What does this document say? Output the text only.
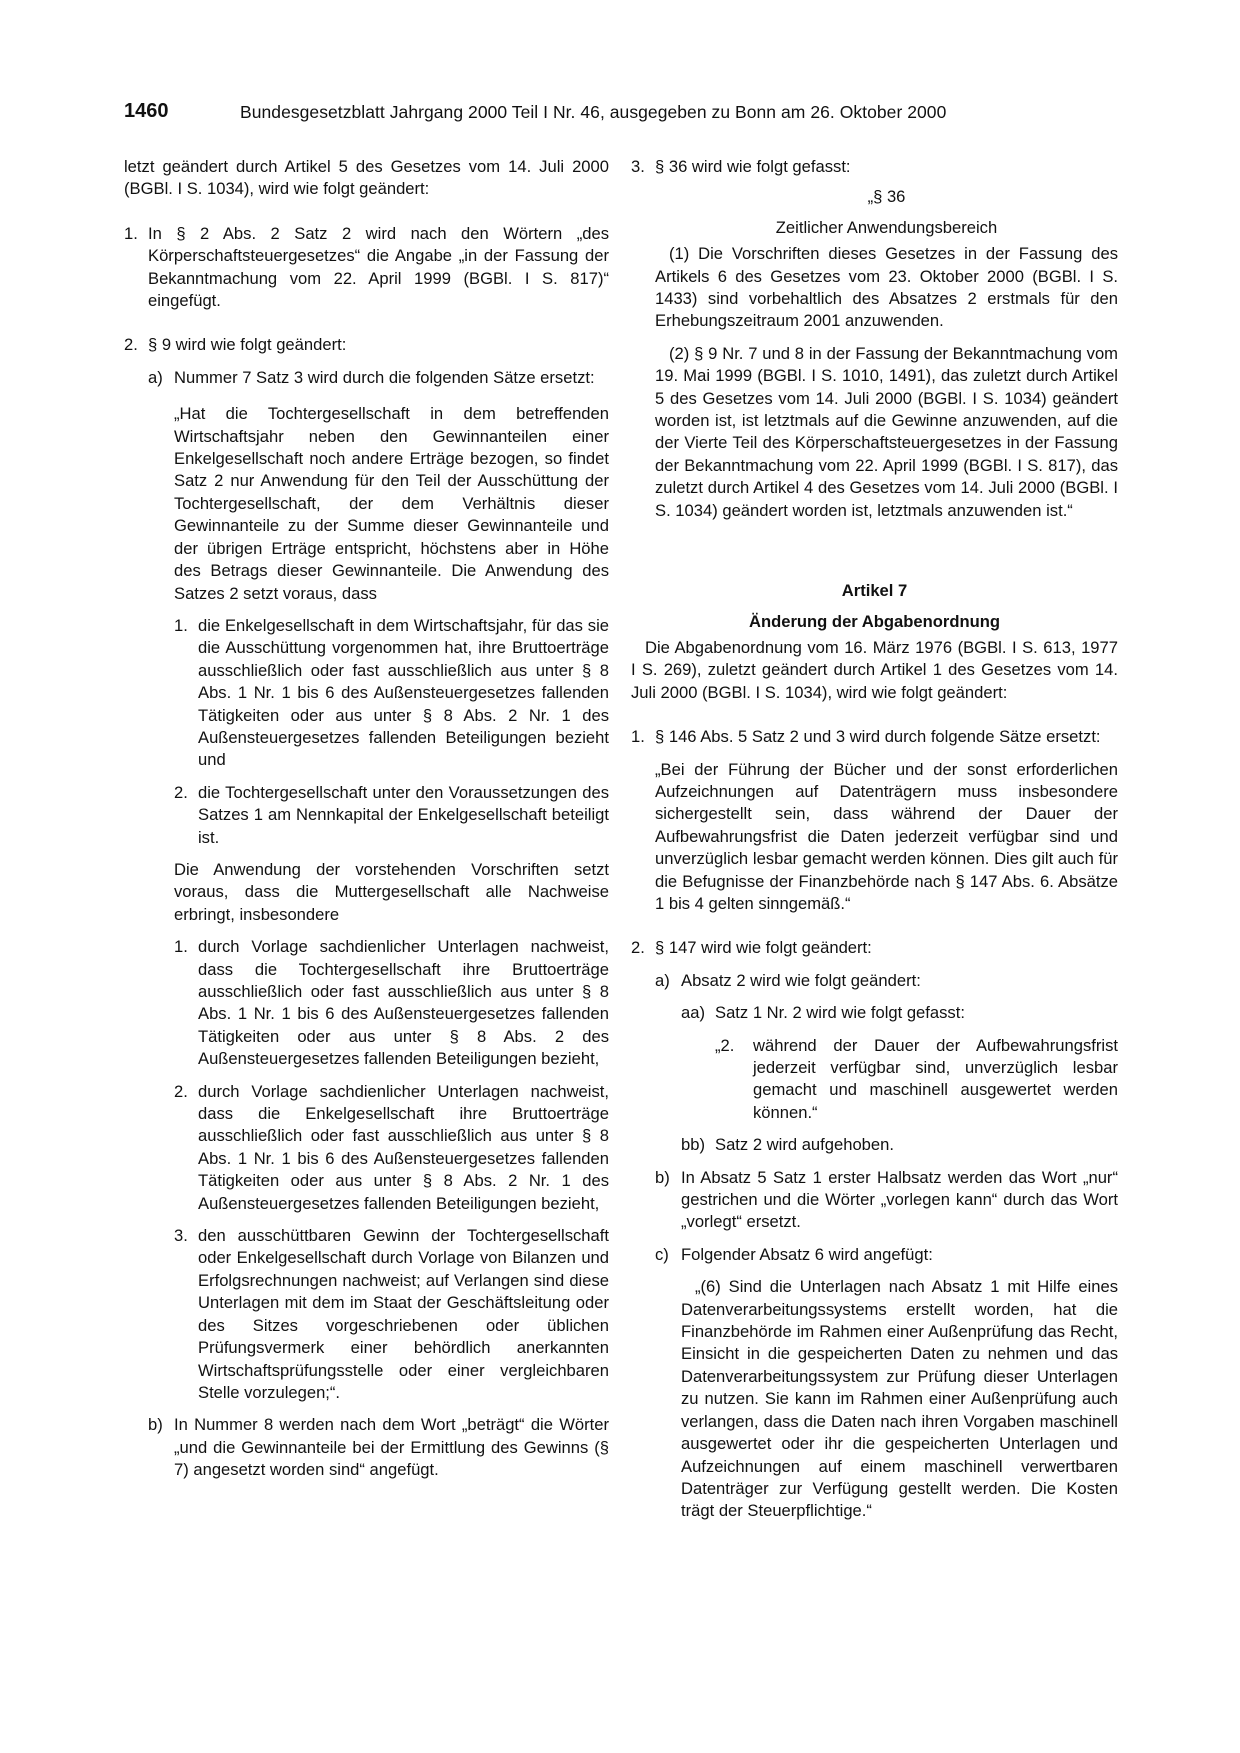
1460	Bundesgesetzblatt Jahrgang 2000 Teil I Nr. 46, ausgegeben zu Bonn am 26. Oktober 2000
letzt geändert durch Artikel 5 des Gesetzes vom 14. Juli 2000 (BGBl. I S. 1034), wird wie folgt geändert:
1. In § 2 Abs. 2 Satz 2 wird nach den Wörtern „des Körperschaftsteuergesetzes“ die Angabe „in der Fassung der Bekanntmachung vom 22. April 1999 (BGBl. I S. 817)“ eingefügt.
2. § 9 wird wie folgt geändert:
a) Nummer 7 Satz 3 wird durch die folgenden Sätze ersetzt:
„Hat die Tochtergesellschaft in dem betreffenden Wirtschaftsjahr neben den Gewinnanteilen einer Enkelgesellschaft noch andere Erträge bezogen, so findet Satz 2 nur Anwendung für den Teil der Ausschüttung der Tochtergesellschaft, der dem Verhältnis dieser Gewinnanteile zu der Summe dieser Gewinnanteile und der übrigen Erträge entspricht, höchstens aber in Höhe des Betrags dieser Gewinnanteile. Die Anwendung des Satzes 2 setzt voraus, dass
1. die Enkelgesellschaft in dem Wirtschaftsjahr, für das sie die Ausschüttung vorgenommen hat, ihre Bruttoerträge ausschließlich oder fast ausschließlich aus unter § 8 Abs. 1 Nr. 1 bis 6 des Außensteuergesetzes fallenden Tätigkeiten oder aus unter § 8 Abs. 2 Nr. 1 des Außensteuergesetzes fallenden Beteiligungen bezieht und
2. die Tochtergesellschaft unter den Voraussetzungen des Satzes 1 am Nennkapital der Enkelgesellschaft beteiligt ist.
Die Anwendung der vorstehenden Vorschriften setzt voraus, dass die Muttergesellschaft alle Nachweise erbringt, insbesondere
1. durch Vorlage sachdienlicher Unterlagen nachweist, dass die Tochtergesellschaft ihre Bruttoerträge ausschließlich oder fast ausschließlich aus unter § 8 Abs. 1 Nr. 1 bis 6 des Außensteuergesetzes fallenden Tätigkeiten oder aus unter § 8 Abs. 2 des Außensteuergesetzes fallenden Beteiligungen bezieht,
2. durch Vorlage sachdienlicher Unterlagen nachweist, dass die Enkelgesellschaft ihre Bruttoerträge ausschließlich oder fast ausschließlich aus unter § 8 Abs. 1 Nr. 1 bis 6 des Außensteuergesetzes fallenden Tätigkeiten oder aus unter § 8 Abs. 2 Nr. 1 des Außensteuergesetzes fallenden Beteiligungen bezieht,
3. den ausschüttbaren Gewinn der Tochtergesellschaft oder Enkelgesellschaft durch Vorlage von Bilanzen und Erfolgsrechnungen nachweist; auf Verlangen sind diese Unterlagen mit dem im Staat der Geschäftsleitung oder des Sitzes vorgeschriebenen oder üblichen Prüfungsvermerk einer behördlich anerkannten Wirtschaftsprüfungsstelle oder einer vergleichbaren Stelle vorzulegen;“.
b) In Nummer 8 werden nach dem Wort „beträgt“ die Wörter „und die Gewinnanteile bei der Ermittlung des Gewinns (§ 7) angesetzt worden sind“ angefügt.
3. § 36 wird wie folgt gefasst:
„§ 36
Zeitlicher Anwendungsbereich
(1) Die Vorschriften dieses Gesetzes in der Fassung des Artikels 6 des Gesetzes vom 23. Oktober 2000 (BGBl. I S. 1433) sind vorbehaltlich des Absatzes 2 erstmals für den Erhebungszeitraum 2001 anzuwenden.
(2) § 9 Nr. 7 und 8 in der Fassung der Bekanntmachung vom 19. Mai 1999 (BGBl. I S. 1010, 1491), das zuletzt durch Artikel 5 des Gesetzes vom 14. Juli 2000 (BGBl. I S. 1034) geändert worden ist, ist letztmals auf die Gewinne anzuwenden, auf die der Vierte Teil des Körperschaftsteuergesetzes in der Fassung der Bekanntmachung vom 22. April 1999 (BGBl. I S. 817), das zuletzt durch Artikel 4 des Gesetzes vom 14. Juli 2000 (BGBl. I S. 1034) geändert worden ist, letztmals anzuwenden ist.“
Artikel 7
Änderung der Abgabenordnung
Die Abgabenordnung vom 16. März 1976 (BGBl. I S. 613, 1977 I S. 269), zuletzt geändert durch Artikel 1 des Gesetzes vom 14. Juli 2000 (BGBl. I S. 1034), wird wie folgt geändert:
1. § 146 Abs. 5 Satz 2 und 3 wird durch folgende Sätze ersetzt:
„Bei der Führung der Bücher und der sonst erforderlichen Aufzeichnungen auf Datenträgern muss insbesondere sichergestellt sein, dass während der Dauer der Aufbewahrungsfrist die Daten jederzeit verfügbar sind und unverzüglich lesbar gemacht werden können. Dies gilt auch für die Befugnisse der Finanzbehörde nach § 147 Abs. 6. Absätze 1 bis 4 gelten sinngemäß.“
2. § 147 wird wie folgt geändert:
a) Absatz 2 wird wie folgt geändert:
aa) Satz 1 Nr. 2 wird wie folgt gefasst:
„2.	während der Dauer der Aufbewahrungsfrist jederzeit verfügbar sind, unverzüglich lesbar gemacht und maschinell ausgewertet werden können.“
bb) Satz 2 wird aufgehoben.
b) In Absatz 5 Satz 1 erster Halbsatz werden das Wort „nur“ gestrichen und die Wörter „vorlegen kann“ durch das Wort „vorlegt“ ersetzt.
c) Folgender Absatz 6 wird angefügt:
„(6) Sind die Unterlagen nach Absatz 1 mit Hilfe eines Datenverarbeitungssystems erstellt worden, hat die Finanzbehörde im Rahmen einer Außenprüfung das Recht, Einsicht in die gespeicherten Daten zu nehmen und das Datenverarbeitungssystem zur Prüfung dieser Unterlagen zu nutzen. Sie kann im Rahmen einer Außenprüfung auch verlangen, dass die Daten nach ihren Vorgaben maschinell ausgewertet oder ihr die gespeicherten Unterlagen und Aufzeichnungen auf einem maschinell verwertbaren Datenträger zur Verfügung gestellt werden. Die Kosten trägt der Steuerpflichtige.“
